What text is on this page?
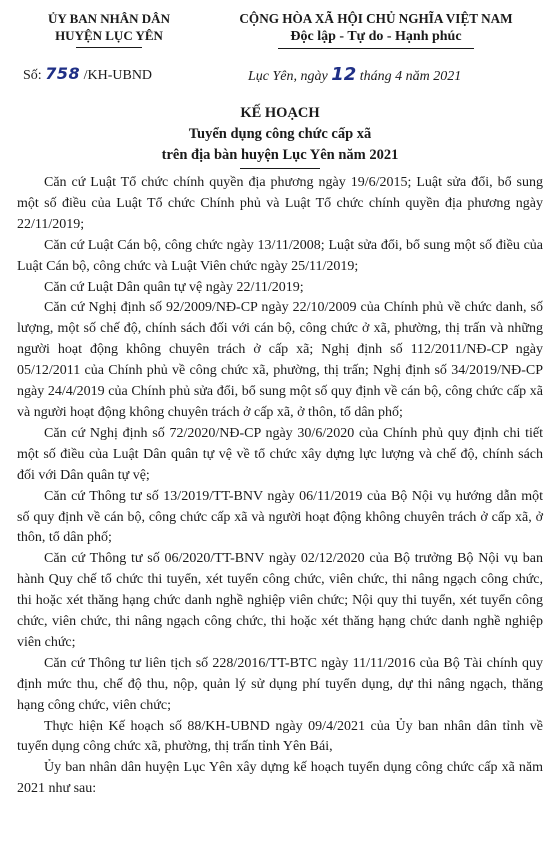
ỦY BAN NHÂN DÂN
HUYỆN LỤC YÊN
CỘNG HÒA XÃ HỘI CHỦ NGHĨA VIỆT NAM
Độc lập - Tự do - Hạnh phúc
Số: 758 /KH-UBND	Lục Yên, ngày 12 tháng 4 năm 2021
KẾ HOẠCH
Tuyển dụng công chức cấp xã
trên địa bàn huyện Lục Yên năm 2021

Căn cứ Luật Tổ chức chính quyền địa phương ngày 19/6/2015; Luật sửa đổi, bổ sung một số điều của Luật Tổ chức Chính phủ và Luật Tổ chức chính quyền địa phương ngày 22/11/2019;

Căn cứ Luật Cán bộ, công chức ngày 13/11/2008; Luật sửa đổi, bổ sung một số điều của Luật Cán bộ, công chức và Luật Viên chức ngày 25/11/2019;

Căn cứ Luật Dân quân tự vệ ngày 22/11/2019;

Căn cứ Nghị định số 92/2009/NĐ-CP ngày 22/10/2009 của Chính phủ về chức danh, số lượng, một số chế độ, chính sách đối với cán bộ, công chức ở xã, phường, thị trấn và những người hoạt động không chuyên trách ở cấp xã; Nghị định số 112/2011/NĐ-CP ngày 05/12/2011 của Chính phủ về công chức xã, phường, thị trấn; Nghị định số 34/2019/NĐ-CP ngày 24/4/2019 của Chính phủ sửa đổi, bổ sung một số quy định về cán bộ, công chức cấp xã và người hoạt động không chuyên trách ở cấp xã, ở thôn, tổ dân phố;

Căn cứ Nghị định số 72/2020/NĐ-CP ngày 30/6/2020 của Chính phủ quy định chi tiết một số điều của Luật Dân quân tự vệ về tổ chức xây dựng lực lượng và chế độ, chính sách đối với Dân quân tự vệ;

Căn cứ Thông tư số 13/2019/TT-BNV ngày 06/11/2019 của Bộ Nội vụ hướng dẫn một số quy định về cán bộ, công chức cấp xã và người hoạt động không chuyên trách ở cấp xã, ở thôn, tổ dân phố;

Căn cứ Thông tư số 06/2020/TT-BNV ngày 02/12/2020 của Bộ trưởng Bộ Nội vụ ban hành Quy chế tổ chức thi tuyển, xét tuyển công chức, viên chức, thi nâng ngạch công chức, thi hoặc xét thăng hạng chức danh nghề nghiệp viên chức; Nội quy thi tuyển, xét tuyển công chức, viên chức, thi nâng ngạch công chức, thi hoặc xét thăng hạng chức danh nghề nghiệp viên chức;

Căn cứ Thông tư liên tịch số 228/2016/TT-BTC ngày 11/11/2016 của Bộ Tài chính quy định mức thu, chế độ thu, nộp, quản lý sử dụng phí tuyển dụng, dự thi nâng ngạch, thăng hạng công chức, viên chức;

Thực hiện Kế hoạch số 88/KH-UBND ngày 09/4/2021 của Ủy ban nhân dân tỉnh về tuyển dụng công chức xã, phường, thị trấn tỉnh Yên Bái,

Ủy ban nhân dân huyện Lục Yên xây dựng kế hoạch tuyển dụng công chức cấp xã năm 2021 như sau:
